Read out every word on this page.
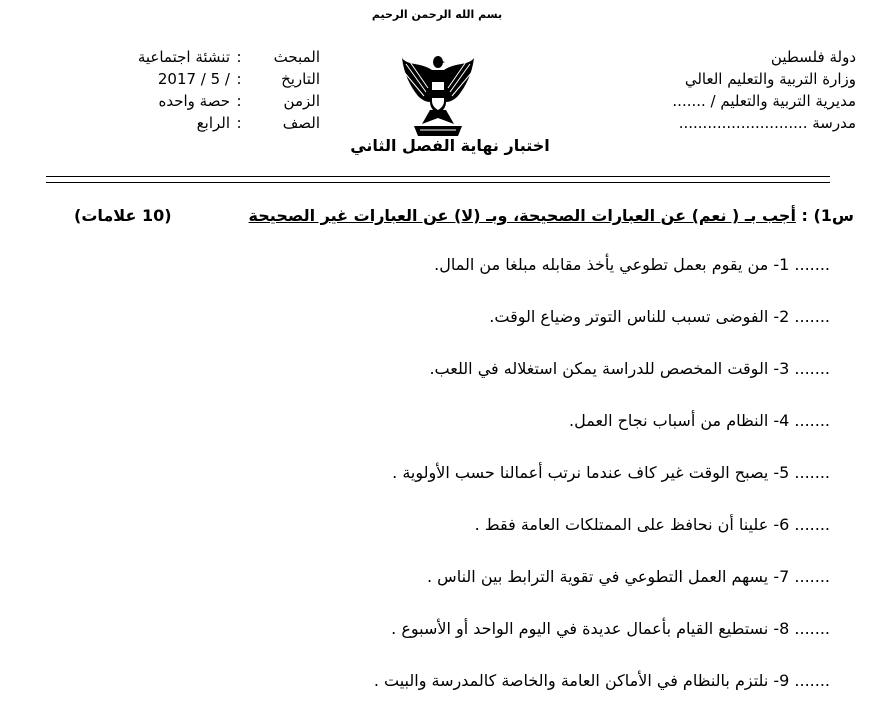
بسم الله الرحمن الرحيم
دولة فلسطين
وزارة التربية والتعليم العالي
مديرية التربية والتعليم / .......
مدرسة ...........................
المبحث
:
تنشئة اجتماعية
التاريخ
:
2017 / 5 /
الزمن
:
حصة واحده
الصف
:
الرابع
اختبار نهاية الفصل الثاني
س1) : أجب بـ ( نعم) عن العبارات الصحيحة، وبـ (لا) عن العبارات غير الصحيحة
(10 علامات)
....... 1- من يقوم بعمل تطوعي يأخذ مقابله مبلغا من المال.
....... 2- الفوضى تسبب للناس التوتر وضياع الوقت.
....... 3- الوقت المخصص للدراسة يمكن استغلاله في اللعب.
....... 4- النظام من أسباب نجاح العمل.
....... 5- يصبح الوقت غير كاف عندما نرتب أعمالنا حسب الأولوية .
....... 6- علينا أن نحافظ على الممتلكات العامة فقط .
....... 7- يسهم العمل التطوعي في تقوية الترابط بين الناس .
....... 8- نستطيع القيام بأعمال عديدة في اليوم الواحد أو الأسبوع .
....... 9- نلتزم بالنظام في الأماكن العامة والخاصة كالمدرسة والبيت .
